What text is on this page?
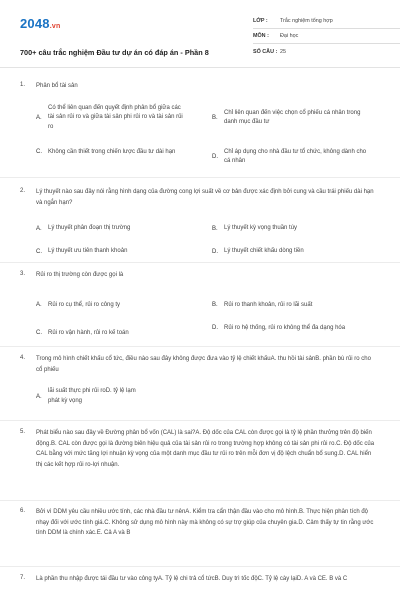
2048.vn
700+ câu trắc nghiệm Đầu tư dự án có đáp án - Phần 8
LỚP :	Trắc nghiệm tổng hợp
MÔN :	Đại học
SỐ CÂU : 25
1.	Phân bổ tài sản
A.
Có thể liên quan đến quyết định phân bổ giữa các tài sản rủi ro và giữa tài sản phi rủi ro và tài sản rủi ro
B.
Chỉ liên quan đến việc chọn cổ phiếu cá nhân trong danh mục đầu tư
C.	Không cần thiết trong chiến lược đầu tư dài hạn
D.
Chỉ áp dụng cho nhà đầu tư tổ chức, không dành cho cá nhân
2.	Lý thuyết nào sau đây nói rằng hình dạng của đường cong lợi suất về cơ bản được xác định bởi cung và cầu trái phiếu dài hạn và ngắn hạn?
A.	Lý thuyết phân đoạn thị trường	B.	Lý thuyết kỳ vọng thuần túy
C.	Lý thuyết ưu tiên thanh khoản	D.	Lý thuyết chiết khấu dòng tiền
3.	Rủi ro thị trường còn được gọi là
A.	Rủi ro cụ thể, rủi ro công ty	B.	Rủi ro thanh khoản, rủi ro lãi suất
C.	Rủi ro vận hành, rủi ro kế toán
D.	Rủi ro hệ thống, rủi ro không thể đa dạng hóa
4.	Trong mô hình chiết khấu cổ tức, điều nào sau đây không được đưa vào tỷ lệ chiết khấuA. thu hồi tài sảnB. phần bù rủi ro cho cổ phiếu
A.
lãi suất thực phi rủi roD. tỷ lệ lạm phát kỳ vọng
5.	Phát biểu nào sau đây về Đường phân bổ vốn (CAL) là sai?A. Độ dốc của CAL còn được gọi là tỷ lệ phần thưởng trên độ biến động.B. CAL còn được gọi là đường biên hiệu quả của tài sản rủi ro trong trường hợp không có tài sản phi rủi ro.C. Độ dốc của CAL bằng với mức tăng lợi nhuận kỳ vọng của một danh mục đầu tư rủi ro trên mỗi đơn vị độ lệch chuẩn bổ sung.D. CAL hiển thị các kết hợp rủi ro-lợi nhuận.
6.	Bởi vì DDM yêu cầu nhiều ước tính, các nhà đầu tư nênA. Kiểm tra cẩn thận đầu vào cho mô hình.B. Thực hiện phân tích độ nhạy đối với ước tính giá.C. Không sử dụng mô hình này mà không có sự trợ giúp của chuyên gia.D. Cảm thấy tự tin rằng ước tính DDM là chính xác.E. Cả A và B
7.	Là phần thu nhập được tái đầu tư vào công tyA. Tỷ lệ chi trả cổ tứcB. Duy trì tốc độC. Tỷ lệ cày lạiD. A và CE. B và C
